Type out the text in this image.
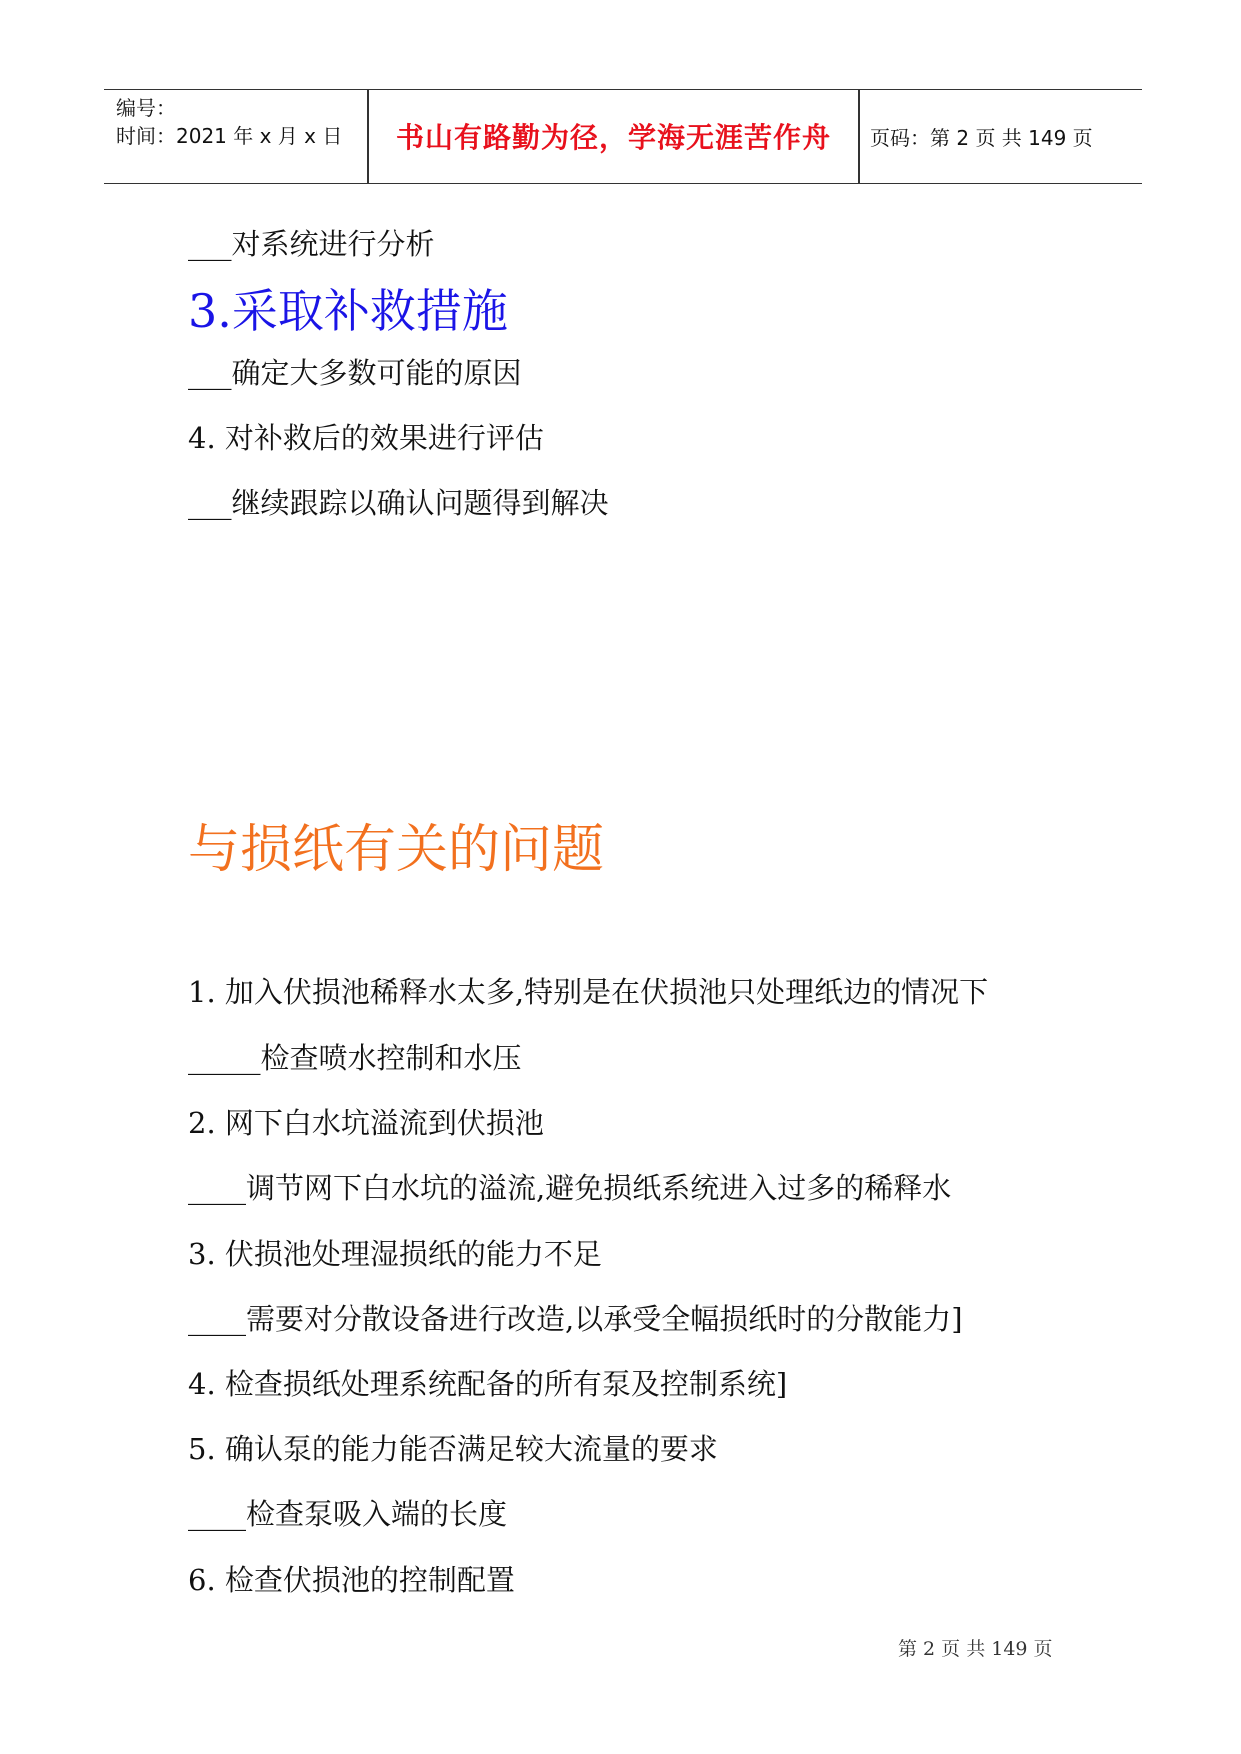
编号：
时间：2021 年 x 月 x 日	书山有路勤为径，学海无涯苦作舟	页码：第 2 页 共 149 页
___对系统进行分析
3.采取补救措施
___确定大多数可能的原因
4. 对补救后的效果进行评估
___继续跟踪以确认问题得到解决
与损纸有关的问题
1. 加入伏损池稀释水太多,特别是在伏损池只处理纸边的情况下
_____检查喷水控制和水压
2. 网下白水坑溢流到伏损池
____调节网下白水坑的溢流,避免损纸系统进入过多的稀释水
3. 伏损池处理湿损纸的能力不足
____需要对分散设备进行改造,以承受全幅损纸时的分散能力]
4. 检查损纸处理系统配备的所有泵及控制系统]
5. 确认泵的能力能否满足较大流量的要求
____检查泵吸入端的长度
6. 检查伏损池的控制配置
第 2 页 共 149 页
